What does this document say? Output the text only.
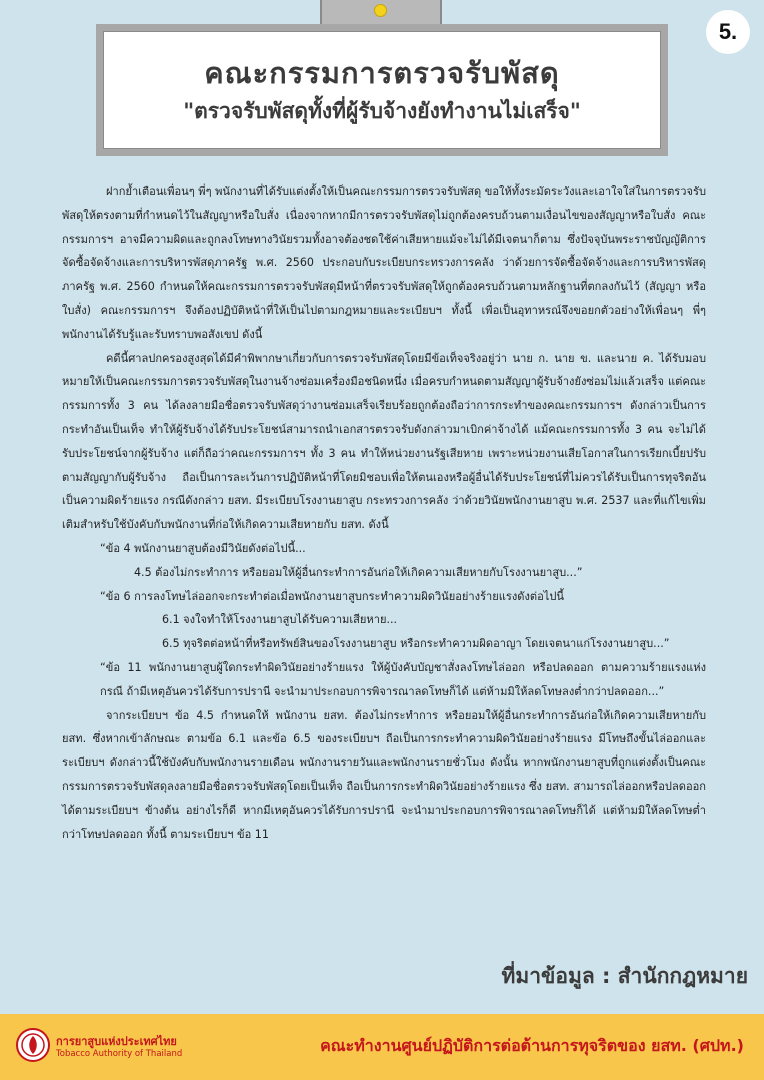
5.
คณะกรรมการตรวจรับพัสดุ
"ตรวจรับพัสดุทั้งที่ผู้รับจ้างยังทำงานไม่เสร็จ"

ฝากย้ำเตือนเพื่อนๆ พี่ๆ พนักงานที่ได้รับแต่งตั้งให้เป็นคณะกรรมการตรวจรับพัสดุ ขอให้ทั้งระมัดระวังและเอาใจใส่ในการตรวจรับพัสดุให้ตรงตามที่กำหนดไว้ในสัญญาหรือใบสั่ง เนื่องจากหากมีการตรวจรับพัสดุไม่ถูกต้องครบถ้วนตามเงื่อนไขของสัญญาหรือใบสั่ง คณะกรรมการฯ อาจมีความผิดและถูกลงโทษทางวินัยรวมทั้งอาจต้องชดใช้ค่าเสียหายแม้จะไม่ได้มีเจตนาก็ตาม ซึ่งปัจจุบันพระราชบัญญัติการจัดซื้อจัดจ้างและการบริหารพัสดุภาครัฐ พ.ศ. 2560 ประกอบกับระเบียบกระทรวงการคลัง ว่าด้วยการจัดซื้อจัดจ้างและการบริหารพัสดุภาครัฐ พ.ศ. 2560 กำหนดให้คณะกรรมการตรวจรับพัสดุมีหน้าที่ตรวจรับพัสดุให้ถูกต้องครบถ้วนตามหลักฐานที่ตกลงกันไว้ (สัญญา หรือใบสั่ง) คณะกรรมการฯ จึงต้องปฏิบัติหน้าที่ให้เป็นไปตามกฎหมายและระเบียบฯ ทั้งนี้ เพื่อเป็นอุทาหรณ์จึงขอยกตัวอย่างให้เพื่อนๆ พี่ๆ พนักงานได้รับรู้และรับทราบพอสังเขป ดังนี้

คดีนี้ศาลปกครองสูงสุดได้มีคำพิพากษาเกี่ยวกับการตรวจรับพัสดุโดยมีข้อเท็จจริงอยู่ว่า นาย ก. นาย ข. และนาย ค. ได้รับมอบหมายให้เป็นคณะกรรมการตรวจรับพัสดุในงานจ้างซ่อมเครื่องมือชนิดหนึ่ง เมื่อครบกำหนดตามสัญญาผู้รับจ้างยังซ่อมไม่แล้วเสร็จ แต่คณะกรรมการทั้ง 3 คน ได้ลงลายมือชื่อตรวจรับพัสดุว่างานซ่อมเสร็จเรียบร้อยถูกต้องถือว่าการกระทำของคณะกรรมการฯ ดังกล่าวเป็นการกระทำอันเป็นเท็จ ทำให้ผู้รับจ้างได้รับประโยชน์สามารถนำเอกสารตรวจรับดังกล่าวมาเบิกค่าจ้างได้ แม้คณะกรรมการทั้ง 3 คน จะไม่ได้รับประโยชน์จากผู้รับจ้าง แต่ก็ถือว่าคณะกรรมการฯ ทั้ง 3 คน ทำให้หน่วยงานรัฐเสียหาย เพราะหน่วยงานเสียโอกาสในการเรียกเบี้ยปรับตามสัญญากับผู้รับจ้าง ถือเป็นการละเว้นการปฏิบัติหน้าที่โดยมิชอบเพื่อให้ตนเองหรือผู้อื่นได้รับประโยชน์ที่ไม่ควรได้รับเป็นการทุจริตอันเป็นความผิดร้ายแรง กรณีดังกล่าว ยสท. มีระเบียบโรงงานยาสูบ กระทรวงการคลัง ว่าด้วยวินัยพนักงานยาสูบ พ.ศ. 2537 และที่แก้ไขเพิ่มเติมสำหรับใช้บังคับกับพนักงานที่ก่อให้เกิดความเสียหายกับ ยสท. ดังนี้

“ข้อ 4 พนักงานยาสูบต้องมีวินัยดังต่อไปนี้...

4.5 ต้องไม่กระทำการ หรือยอมให้ผู้อื่นกระทำการอันก่อให้เกิดความเสียหายกับโรงงานยาสูบ...”

“ข้อ 6 การลงโทษไล่ออกจะกระทำต่อเมื่อพนักงานยาสูบกระทำความผิดวินัยอย่างร้ายแรงดังต่อไปนี้

6.1 จงใจทำให้โรงงานยาสูบได้รับความเสียหาย...

6.5 ทุจริตต่อหน้าที่หรือทรัพย์สินของโรงงานยาสูบ หรือกระทำความผิดอาญา โดยเจตนาแก่โรงงานยาสูบ...”

“ข้อ 11 พนักงานยาสูบผู้ใดกระทำผิดวินัยอย่างร้ายแรง ให้ผู้บังคับบัญชาสั่งลงโทษไล่ออก หรือปลดออก ตามความร้ายแรงแห่งกรณี ถ้ามีเหตุอันควรได้รับการปรานี จะนำมาประกอบการพิจารณาลดโทษก็ได้ แต่ห้ามมิให้ลดโทษลงต่ำกว่าปลดออก...”

จากระเบียบฯ ข้อ 4.5 กำหนดให้ พนักงาน ยสท. ต้องไม่กระทำการ หรือยอมให้ผู้อื่นกระทำการอันก่อให้เกิดความเสียหายกับ ยสท. ซึ่งหากเข้าลักษณะ ตามข้อ 6.1 และข้อ 6.5 ของระเบียบฯ ถือเป็นการกระทำความผิดวินัยอย่างร้ายแรง มีโทษถึงขั้นไล่ออกและระเบียบฯ ดังกล่าวนี้ใช้บังคับกับพนักงานรายเดือน พนักงานรายวันและพนักงานรายชั่วโมง ดังนั้น หากพนักงานยาสูบที่ถูกแต่งตั้งเป็นคณะกรรมการตรวจรับพัสดุลงลายมือชื่อตรวจรับพัสดุโดยเป็นเท็จ ถือเป็นการกระทำผิดวินัยอย่างร้ายแรง ซึ่ง ยสท. สามารถไล่ออกหรือปลดออกได้ตามระเบียบฯ ข้างต้น อย่างไรก็ดี หากมีเหตุอันควรได้รับการปรานี จะนำมาประกอบการพิจารณาลดโทษก็ได้ แต่ห้ามมิให้ลดโทษต่ำกว่าโทษปลดออก ทั้งนี้ ตามระเบียบฯ ข้อ 11

ที่มาข้อมูล : สำนักกฎหมาย
การยาสูบแห่งประเทศไทย
Tobacco Authority of Thailand	คณะทำงานศูนย์ปฏิบัติการต่อต้านการทุจริตของ ยสท. (ศปท.)
